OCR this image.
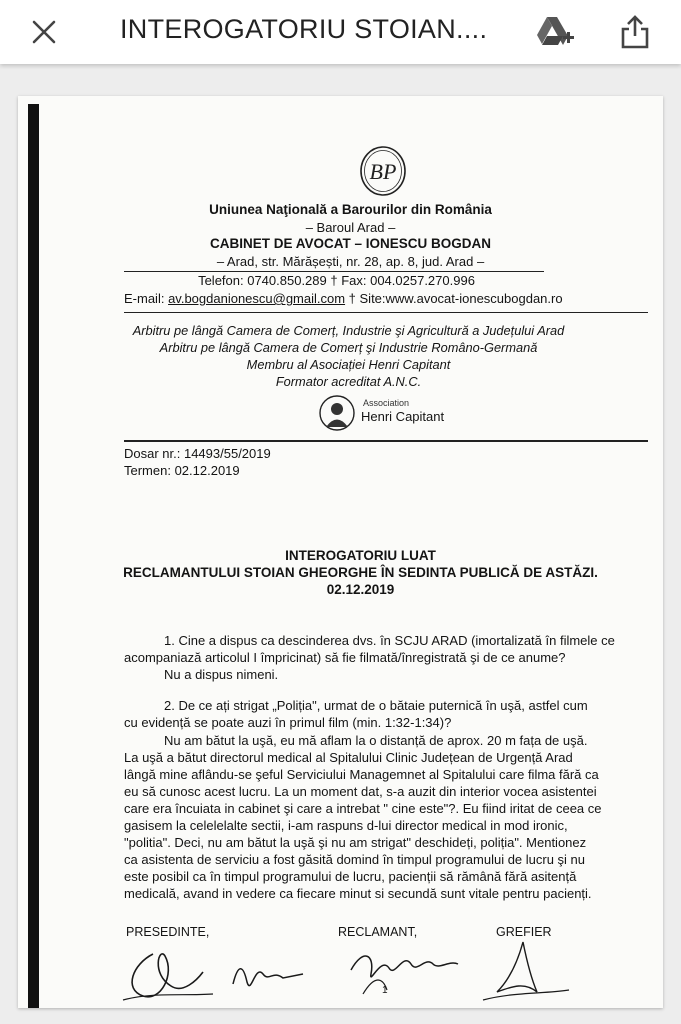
INTEROGATORIU STOIAN....
BP
Uniunea Naţională a Barourilor din România
– Baroul Arad –
CABINET DE AVOCAT – IONESCU BOGDAN
– Arad, str. Mărășești, nr. 28, ap. 8, jud. Arad –
Telefon: 0740.850.289 † Fax: 004.0257.270.996
E-mail: av.bogdanionescu@gmail.com † Site:www.avocat-ionescubogdan.ro
Arbitru pe lângă Camera de Comerț, Industrie şi Agricultură a Județului Arad
Arbitru pe lângă Camera de Comerț şi Industrie Româno-Germană
Membru al Asociației Henri Capitant
Formator acreditat A.N.C.
Association
Henri Capitant
Dosar nr.: 14493/55/2019
Termen: 02.12.2019
INTEROGATORIU LUAT
RECLAMANTULUI STOIAN GHEORGHE ÎN SEDINTA PUBLICĂ DE ASTĂZI.
02.12.2019
1. Cine a dispus ca descinderea dvs. în SCJU ARAD (imortalizată în filmele ce
acompaniază articolul I împricinat) să fie filmată/înregistrată şi de ce anume?
Nu a dispus nimeni.
2. De ce ați strigat „Poliția", urmat de o bătaie puternică în uşă, astfel cum
cu evidență se poate auzi în primul film (min. 1:32-1:34)?
Nu am bătut la uşă, eu mă aflam la o distanță de aprox. 20 m fața de uşă.
La uşă a bătut directorul medical al Spitalului Clinic Județean de Urgență Arad
lângă mine aflându-se şeful Serviciului Managemnet al Spitalului care filma fără ca
eu să cunosc acest lucru. La un moment dat, s-a auzit din interior vocea asistentei
care era încuiata in cabinet şi care a intrebat " cine este"?. Eu fiind iritat de ceea ce
gasisem la celelelalte sectii, i-am raspuns d-lui director medical in mod ironic,
"politia". Deci, nu am bătut la uşă şi nu am strigat" deschideți, poliția". Mentionez
ca asistenta de serviciu a fost găsită domind în timpul programului de lucru şi nu
este posibil ca în timpul programului de lucru, pacienții să rămână fără asitență
medicală, avand in vedere ca fiecare minut si secundă sunt vitale pentru pacienți.
PRESEDINTE,	RECLAMANT,	GREFIER
1
